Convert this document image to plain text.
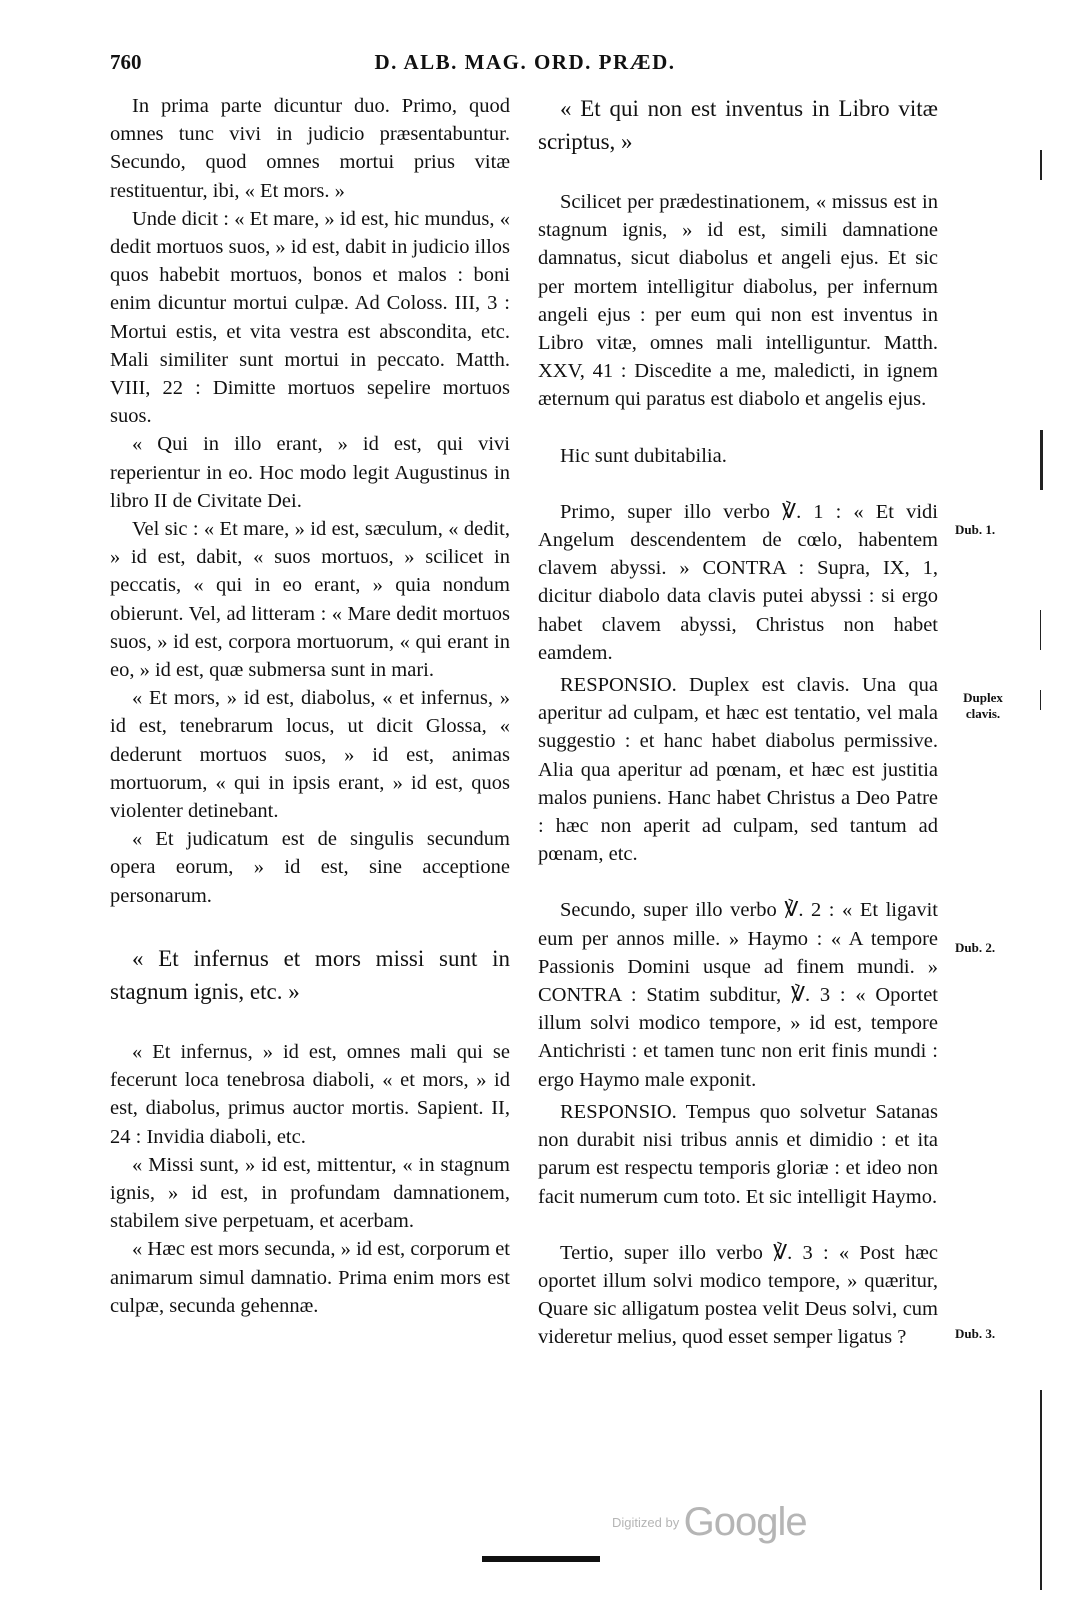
760	D. ALB. MAG. ORD. PRÆD.

In prima parte dicuntur duo. Primo, quod omnes tunc vivi in judicio præsentabuntur. Secundo, quod omnes mortui prius vitæ restituentur, ibi, « Et mors. »

Unde dicit : « Et mare, » id est, hic mundus, « dedit mortuos suos, » id est, dabit in judicio illos quos habebit mortuos, bonos et malos : boni enim dicuntur mortui culpæ. Ad Coloss. III, 3 : Mortui estis, et vita vestra est abscondita, etc. Mali similiter sunt mortui in peccato. Matth. VIII, 22 : Dimitte mortuos sepelire mortuos suos.

« Qui in illo erant, » id est, qui vivi reperientur in eo. Hoc modo legit Augustinus in libro II de Civitate Dei.

Vel sic : « Et mare, » id est, sæculum, « dedit, » id est, dabit, « suos mortuos, » scilicet in peccatis, « qui in eo erant, » quia nondum obierunt. Vel, ad litteram : « Mare dedit mortuos suos, » id est, corpora mortuorum, « qui erant in eo, » id est, quæ submersa sunt in mari.

« Et mors, » id est, diabolus, « et infernus, » id est, tenebrarum locus, ut dicit Glossa, « dederunt mortuos suos, » id est, animas mortuorum, « qui in ipsis erant, » id est, quos violenter detinebant.

« Et judicatum est de singulis secundum opera eorum, » id est, sine acceptione personarum.

« Et infernus et mors missi sunt in stagnum ignis, etc. »

« Et infernus, » id est, omnes mali qui se fecerunt loca tenebrosa diaboli, « et mors, » id est, diabolus, primus auctor mortis. Sapient. II, 24 : Invidia diaboli, etc.

« Missi sunt, » id est, mittentur, « in stagnum ignis, » id est, in profundam damnationem, stabilem sive perpetuam, et acerbam.

« Hæc est mors secunda, » id est, corporum et animarum simul damnatio. Prima enim mors est culpæ, secunda gehennæ.

« Et qui non est inventus in Libro vitæ scriptus, »

Scilicet per prædestinationem, « missus est in stagnum ignis, » id est, simili damnatione damnatus, sicut diabolus et angeli ejus. Et sic per mortem intelligitur diabolus, per infernum angeli ejus : per eum qui non est inventus in Libro vitæ, omnes mali intelliguntur. Matth. XXV, 41 : Discedite a me, maledicti, in ignem æternum qui paratus est diabolo et angelis ejus.

Hic sunt dubitabilia.

Primo, super illo verbo ℣. 1 : « Et vidi Angelum descendentem de cœlo, habentem clavem abyssi. » CONTRA : Supra, IX, 1, dicitur diabolo data clavis putei abyssi : si ergo habet clavem abyssi, Christus non habet eamdem.

RESPONSIO. Duplex est clavis. Una qua aperitur ad culpam, et hæc est tentatio, vel mala suggestio : et hanc habet diabolus permissive. Alia qua aperitur ad pœnam, et hæc est justitia malos puniens. Hanc habet Christus a Deo Patre : hæc non aperit ad culpam, sed tantum ad pœnam, etc.

Secundo, super illo verbo ℣. 2 : « Et ligavit eum per annos mille. » Haymo : « A tempore Passionis Domini usque ad finem mundi. » CONTRA : Statim subditur, ℣. 3 : « Oportet illum solvi modico tempore, » id est, tempore Antichristi : et tamen tunc non erit finis mundi : ergo Haymo male exponit.

RESPONSIO. Tempus quo solvetur Satanas non durabit nisi tribus annis et dimidio : et ita parum est respectu temporis gloriæ : et ideo non facit numerum cum toto. Et sic intelligit Haymo.

Tertio, super illo verbo ℣. 3 : « Post hæc oportet illum solvi modico tempore, » quæritur, Quare sic alligatum postea velit Deus solvi, cum videretur melius, quod esset semper ligatus ?

Dub. 1.
Duplex clavis.
Dub. 2.
Dub. 3.
Digitized by Google
